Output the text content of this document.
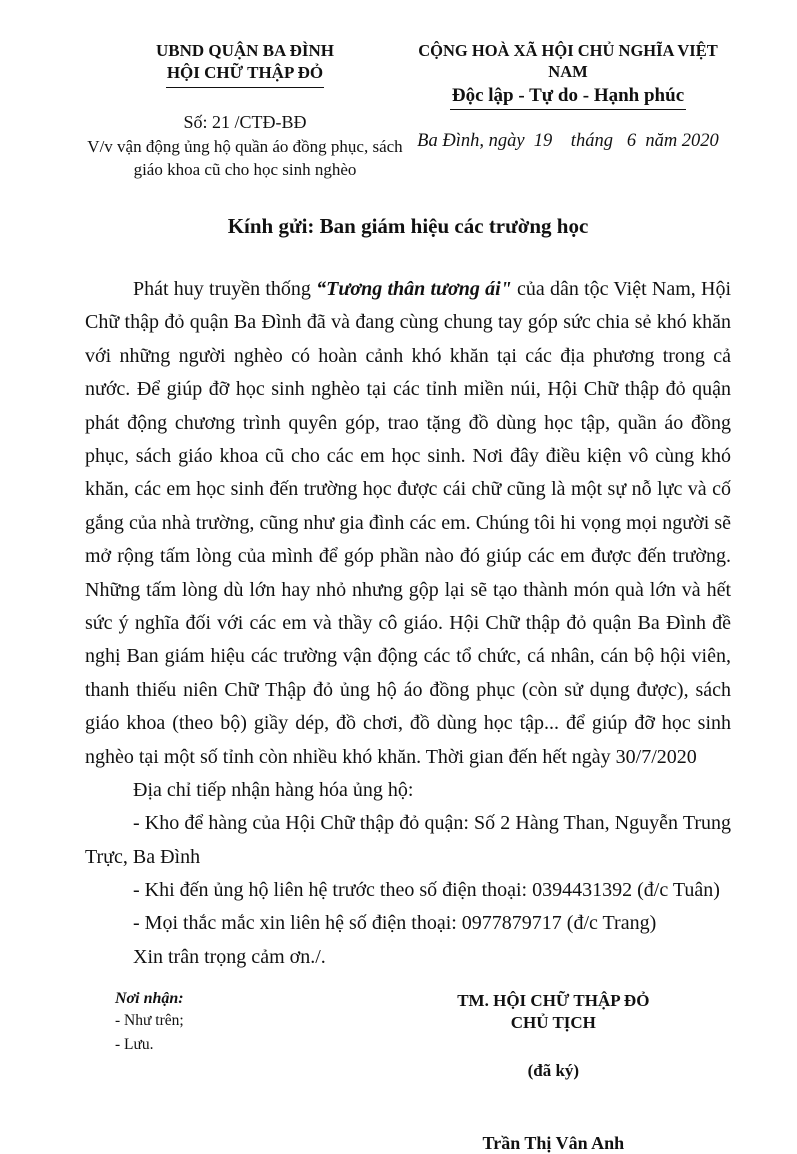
UBND QUẬN BA ĐÌNH
HỘI CHỮ THẬP ĐỎ
Số: 21 /CTĐ-BĐ
V/v vận động ủng hộ quần áo đồng phục, sách giáo khoa cũ cho học sinh nghèo
CỘNG HOÀ XÃ HỘI CHỦ NGHĨA VIỆT NAM
Độc lập - Tự do - Hạnh phúc
Ba Đình, ngày  19    tháng   6  năm 2020
Kính gửi: Ban giám hiệu các trường học
Phát huy truyền thống “Tương thân tương ái" của dân tộc Việt Nam, Hội Chữ thập đỏ quận Ba Đình đã và đang cùng chung tay góp sức chia sẻ khó khăn với những người nghèo có hoàn cảnh khó khăn tại các địa phương trong cả nước. Để giúp đỡ học sinh nghèo tại các tỉnh miền núi, Hội Chữ thập đỏ quận phát động chương trình quyên góp, trao tặng đồ dùng học tập, quần áo đồng phục, sách giáo khoa cũ cho các em học sinh. Nơi đây điều kiện vô cùng khó khăn, các em học sinh đến trường học được cái chữ cũng là một sự nỗ lực và cố gắng của nhà trường, cũng như gia đình các em. Chúng tôi hi vọng mọi người sẽ mở rộng tấm lòng của mình để góp phần nào đó giúp các em được đến trường. Những tấm lòng dù lớn hay nhỏ nhưng gộp lại sẽ tạo thành món quà lớn và hết sức ý nghĩa đối với các em và thầy cô giáo. Hội Chữ thập đỏ quận Ba Đình đề nghị Ban giám hiệu các trường vận động các tổ chức, cá nhân, cán bộ hội viên, thanh thiếu niên Chữ Thập đỏ ủng hộ áo đồng phục (còn sử dụng được), sách giáo khoa (theo bộ) giầy dép, đồ chơi, đồ dùng học tập... để giúp đỡ học sinh nghèo tại một số tỉnh còn nhiều khó khăn. Thời gian đến hết ngày 30/7/2020
Địa chỉ tiếp nhận hàng hóa ủng hộ:
- Kho để hàng của Hội Chữ thập đỏ quận: Số 2 Hàng Than, Nguyễn Trung Trực, Ba Đình
- Khi đến ủng hộ liên hệ trước theo số điện thoại: 0394431392 (đ/c Tuân)
- Mọi thắc mắc xin liên hệ số điện thoại: 0977879717 (đ/c Trang)
Xin trân trọng cảm ơn./.
Nơi nhận:
- Như trên;
- Lưu.
TM. HỘI CHỮ THẬP ĐỎ
CHỦ TỊCH
(đã ký)
Trần Thị Vân Anh
